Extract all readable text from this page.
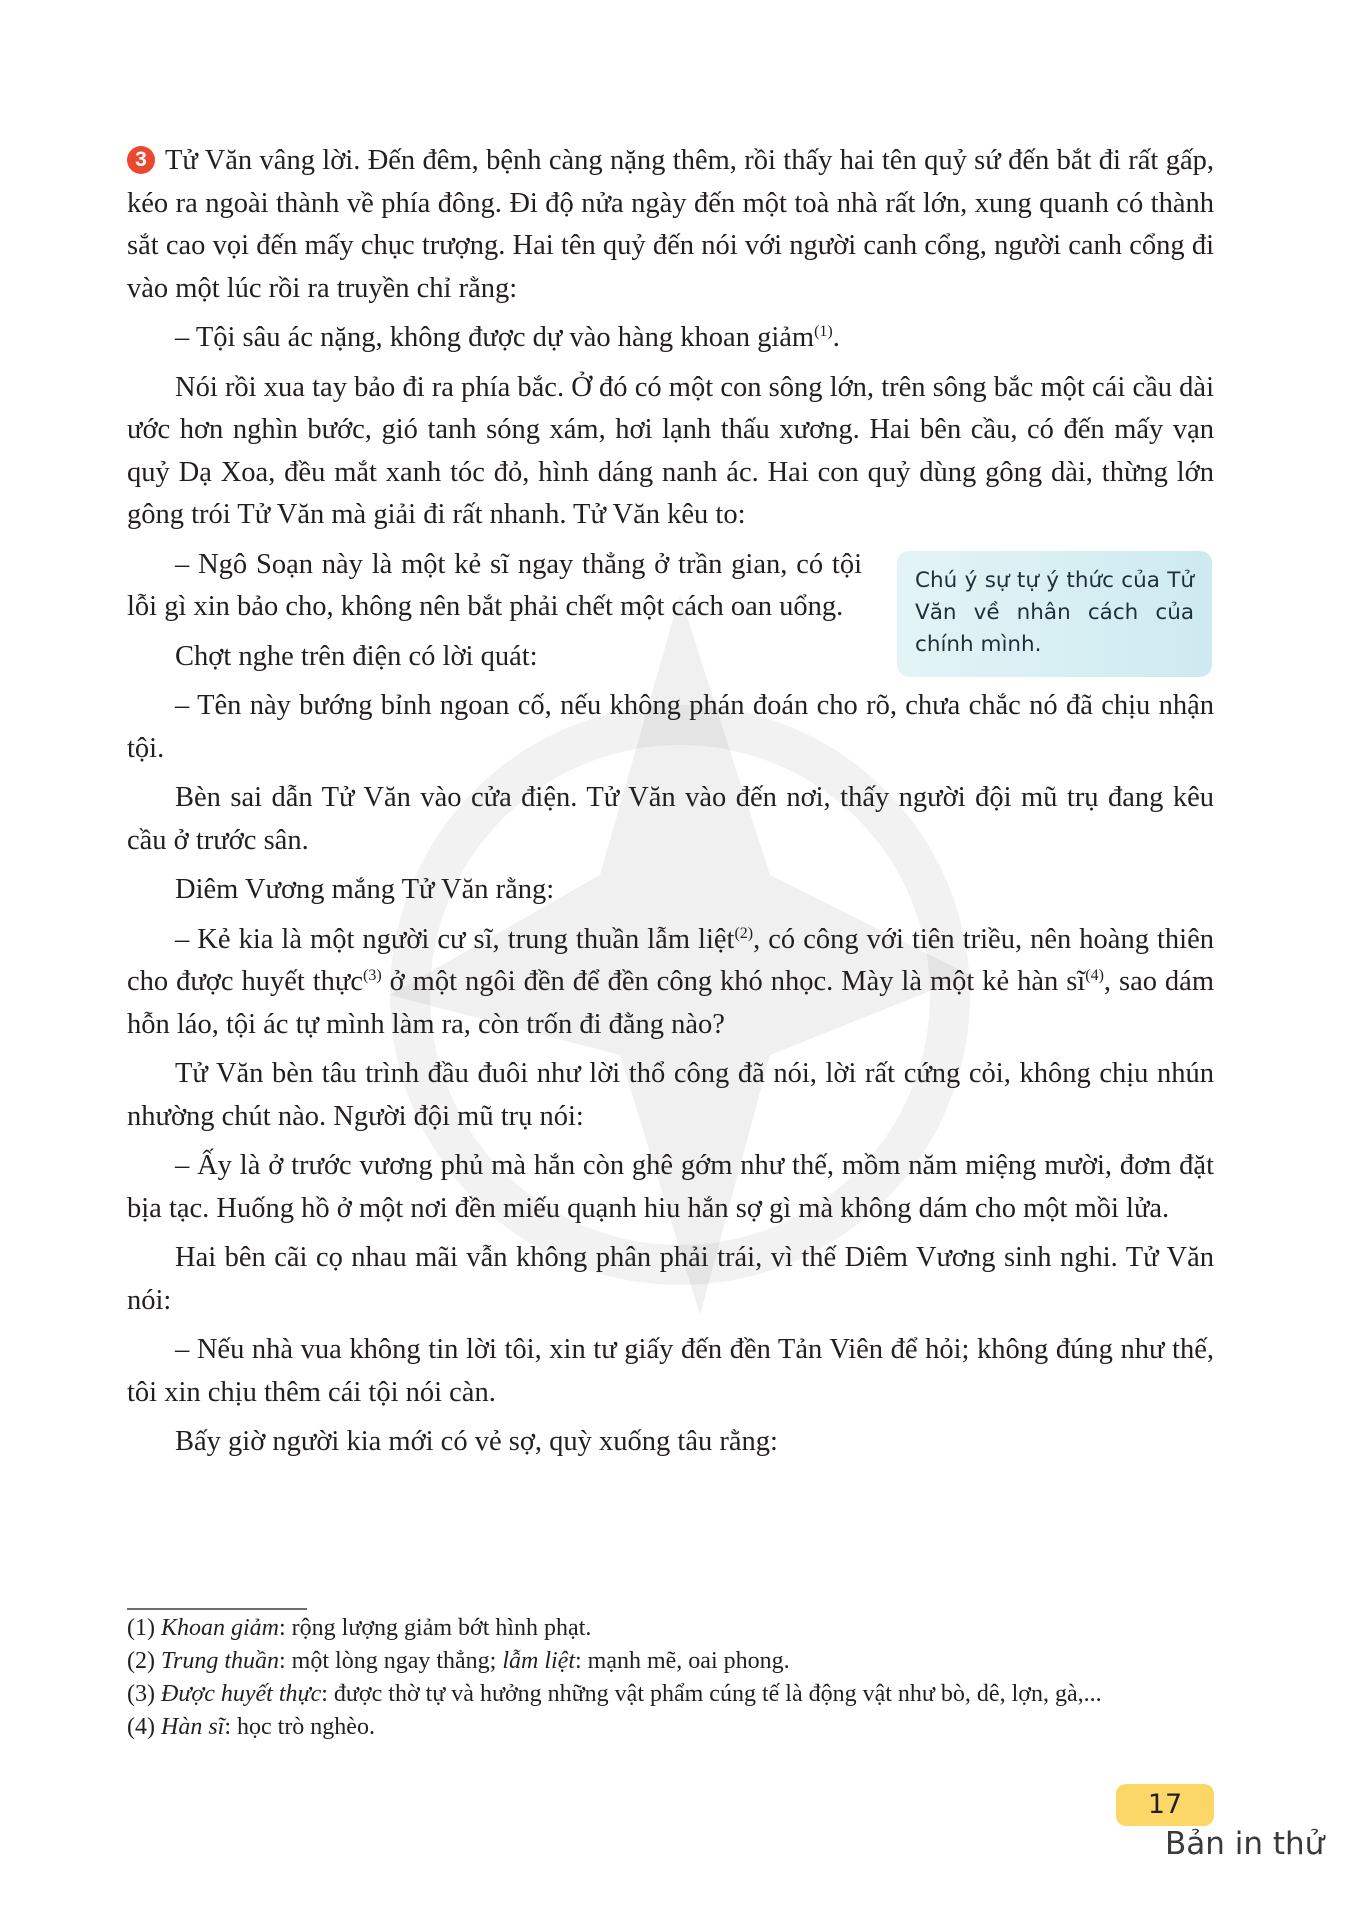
3 Tử Văn vâng lời. Đến đêm, bệnh càng nặng thêm, rồi thấy hai tên quỷ sứ đến bắt đi rất gấp, kéo ra ngoài thành về phía đông. Đi độ nửa ngày đến một toà nhà rất lớn, xung quanh có thành sắt cao vọi đến mấy chục trượng. Hai tên quỷ đến nói với người canh cổng, người canh cổng đi vào một lúc rồi ra truyền chỉ rằng:

– Tội sâu ác nặng, không được dự vào hàng khoan giảm$^{(1)}$.

Nói rồi xua tay bảo đi ra phía bắc. Ở đó có một con sông lớn, trên sông bắc một cái cầu dài ước hơn nghìn bước, gió tanh sóng xám, hơi lạnh thấu xương. Hai bên cầu, có đến mấy vạn quỷ Dạ Xoa, đều mắt xanh tóc đỏ, hình dáng nanh ác. Hai con quỷ dùng gông dài, thừng lớn gông trói Tử Văn mà giải đi rất nhanh. Tử Văn kêu to:

– Ngô Soạn này là một kẻ sĩ ngay thẳng ở trần gian, có tội lỗi gì xin bảo cho, không nên bắt phải chết một cách oan uổng.

Chợt nghe trên điện có lời quát:

– Tên này bướng bỉnh ngoan cố, nếu không phán đoán cho rõ, chưa chắc nó đã chịu nhận tội.

Bèn sai dẫn Tử Văn vào cửa điện. Tử Văn vào đến nơi, thấy người đội mũ trụ đang kêu cầu ở trước sân.

Diêm Vương mắng Tử Văn rằng:

– Kẻ kia là một người cư sĩ, trung thuần lẫm liệt$^{(2)}$, có công với tiên triều, nên hoàng thiên cho được huyết thực$^{(3)}$ ở một ngôi đền để đền công khó nhọc. Mày là một kẻ hàn $sĩ^{(4)}$, sao dám hỗn láo, tội ác tự mình làm ra, còn trốn đi đằng nào?

Tử Văn bèn tâu trình đầu đuôi như lời thổ công đã nói, lời rất cứng cỏi, không chịu nhún nhường chút nào. Người đội mũ trụ nói:

– Ấy là ở trước vương phủ mà hắn còn ghê gớm như thế, mồm năm miệng mười, đơm đặt bịa tạc. Huống hồ ở một nơi đền miếu quạnh hiu hắn sợ gì mà không dám cho một mồi lửa.

Hai bên cãi cọ nhau mãi vẫn không phân phải trái, vì thế Diêm Vương sinh nghi. Tử Văn nói:

– Nếu nhà vua không tin lời tôi, xin tư giấy đến đền Tản Viên để hỏi; không đúng như thế, tôi xin chịu thêm cái tội nói càn.

Bấy giờ người kia mới có vẻ sợ, quỳ xuống tâu rằng:

Chú ý sự tự ý thức của Tử Văn về nhân cách của chính mình.
(1) Khoan giảm: rộng lượng giảm bớt hình phạt.
(2) Trung thuần: một lòng ngay thẳng; lẫm liệt: mạnh mẽ, oai phong.
(3) Được huyết thực: được thờ tự và hưởng những vật phẩm cúng tế là động vật như bò, dê, lợn, gà,...
(4) Hàn sĩ: học trò nghèo.
17
Bản in thử
